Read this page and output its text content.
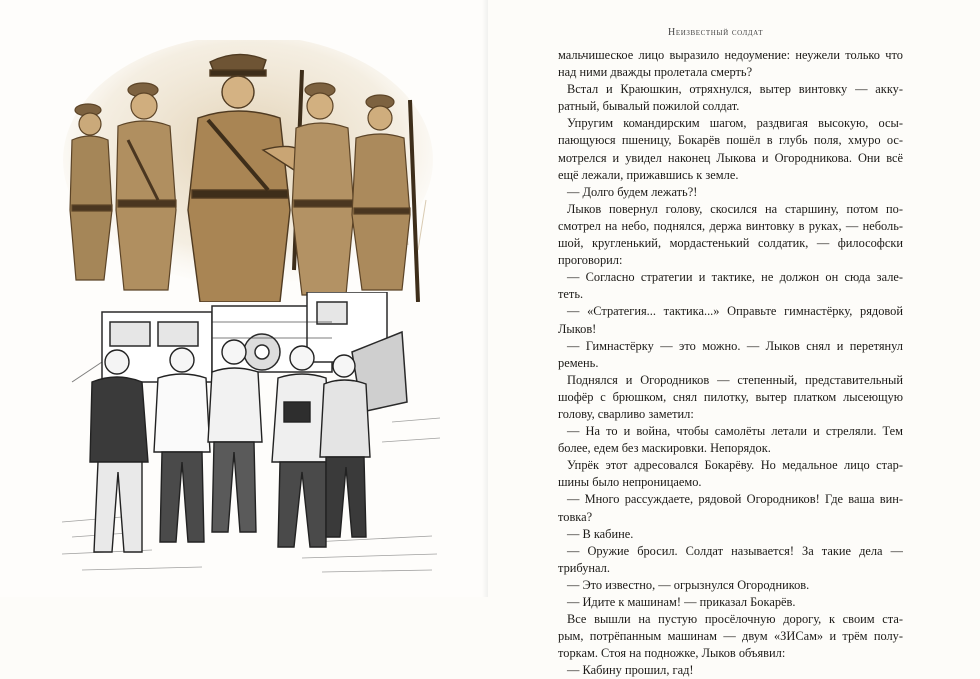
Неизвестный солдат
мальчишеское лицо выразило недоумение: неужели только что
над ними дважды пролетала смерть?
Встал и Краюшкин, отряхнулся, вытер винтовку — акку-
ратный, бывалый пожилой солдат.
Упругим командирским шагом, раздвигая высокую, осы-
пающуюся пшеницу, Бокарёв пошёл в глубь поля, хмуро ос-
мотрелся и увидел наконец Лыкова и Огородникова. Они всё
ещё лежали, прижавшись к земле.
— Долго будем лежать?!
Лыков повернул голову, скосился на старшину, потом по-
смотрел на небо, поднялся, держа винтовку в руках, — неболь-
шой, кругленький, мордастенький солдатик, — философски
проговорил:
— Согласно стратегии и тактике, не должон он сюда зале-
теть.
— «Стратегия... тактика...» Оправьте гимнастёрку, рядовой
Лыков!
— Гимнастёрку — это можно. — Лыков снял и перетянул
ремень.
Поднялся и Огородников — степенный, представительный
шофёр с брюшком, снял пилотку, вытер платком лысеющую
голову, сварливо заметил:
— На то и война, чтобы самолёты летали и стреляли. Тем
более, едем без маскировки. Непорядок.
Упрёк этот адресовался Бокарёву. Но медальное лицо стар-
шины было непроницаемо.
— Много рассуждаете, рядовой Огородников! Где ваша вин-
товка?
— В кабине.
— Оружие бросил. Солдат называется! За такие дела —
трибунал.
— Это известно, — огрызнулся Огородников.
— Идите к машинам! — приказал Бокарёв.
Все вышли на пустую просёлочную дорогу, к своим ста-
рым, потрёпанным машинам — двум «ЗИСам» и трём полу-
торкам. Стоя на подножке, Лыков объявил:
— Кабину прошил, гад!
